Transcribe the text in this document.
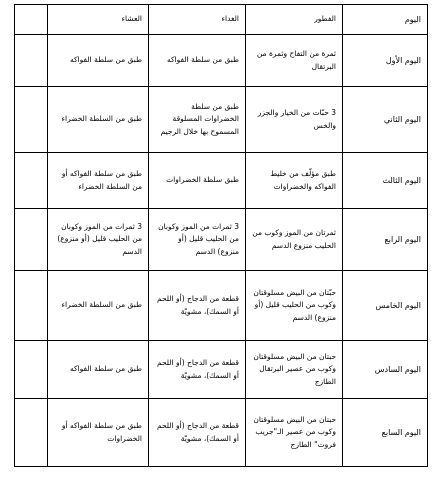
اليوم	الفطور	الغداء	العشاء	

اليوم الأول	ثمرة من التفاح وثمرة من البرتقال	طبق من سلطة الفواكه	طبق من سلطة الفواكه	

اليوم الثاني	3 حبّات من الخيار والجزر والخس	طبق من سلطة الخضراوات المسلوقة المسموح بها خلال الرجيم	طبق من السلطة الخضراء	

اليوم الثالث	طبق مؤلّف من خليط الفواكه والخضراوات	طبق سلطة الخضراوات	طبق من سلطة الفواكه أو من السلطة الخضراء	

اليوم الرابع	ثمرتان من الموز وكوب من الحليب منزوع الدسم	3 ثمرات من الموز وكوبان من الحليب قليل (أو منزوع) الدسم	3 ثمرات من الموز وكوبان من الحليب قليل (أو منزوع) الدسم	

اليوم الخامس	حبّتان من البيض مسلوقتان وكوب من الحليب قليل (أو منزوع) الدسم	قطعة من الدجاج (أو اللحم أو السمك)، مشويّة	طبق من السلطة الخضراء	

اليوم السادس	حبتان من البيض مسلوقتان وكوب من عصير البرتقال الطازج	قطعة من الدجاج (أو اللحم أو السمك)، مشويّة	طبق من سلطة الفواكه	

اليوم السابع	حبتان من البيض مسلوقتان وكوب من عصير الـ"جريب فروت" الطازج	قطعة من الدجاج (أو اللحم أو السمك)، مشويّة	طبق من سلطة الفواكه أو الخضراوات	
